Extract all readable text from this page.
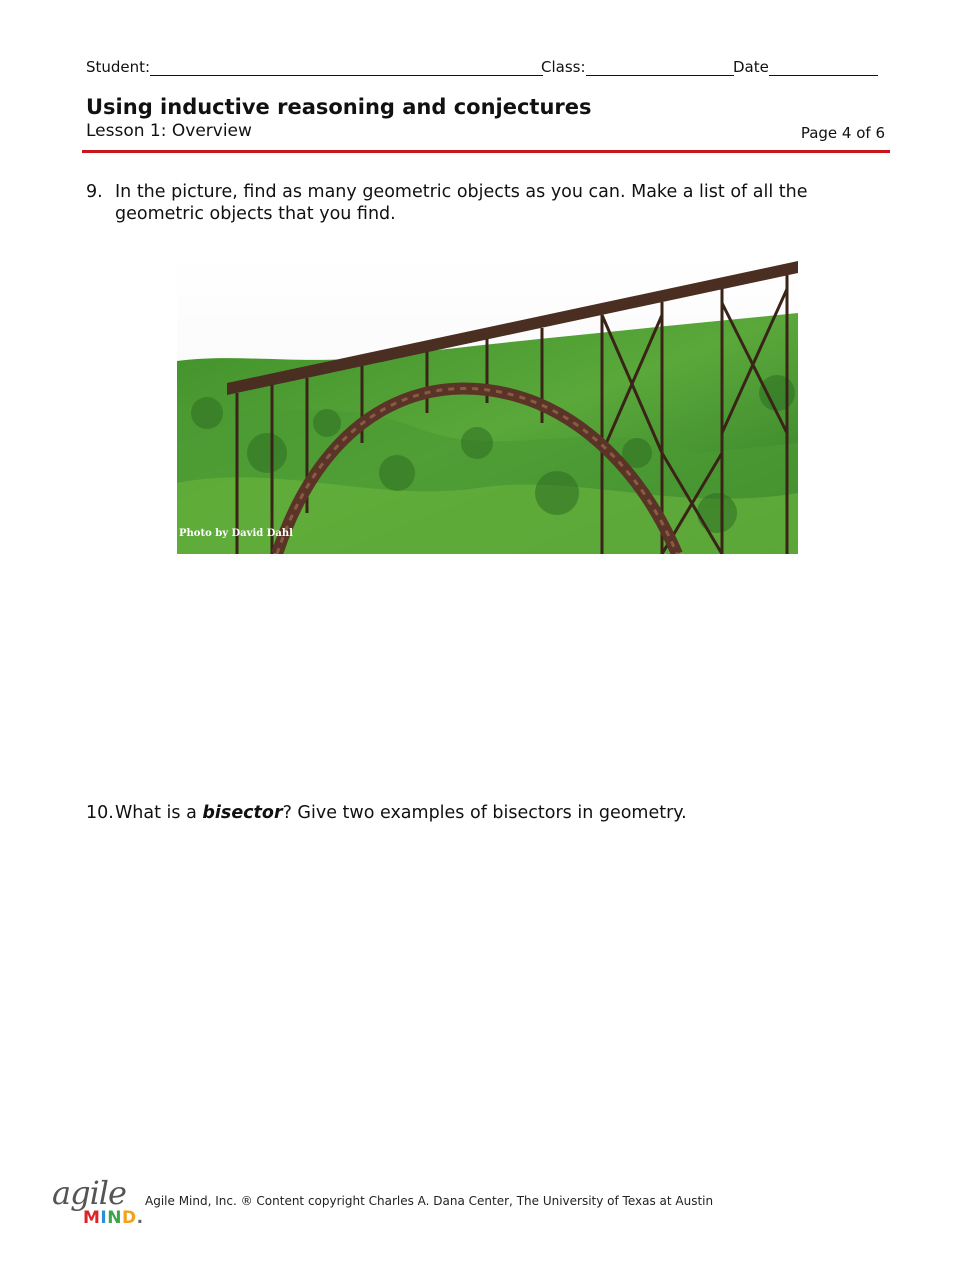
Student:	Class:	Date
Using inductive reasoning and conjectures
Lesson 1: Overview	Page 4 of 6
9. In the picture, find as many geometric objects as you can. Make a list of all the geometric objects that you find.
Photo by David Dahl
10.What is a bisector? Give two examples of bisectors in geometry.
agile
MIND.
Agile Mind, Inc. ® Content copyright Charles A. Dana Center, The University of Texas at Austin
